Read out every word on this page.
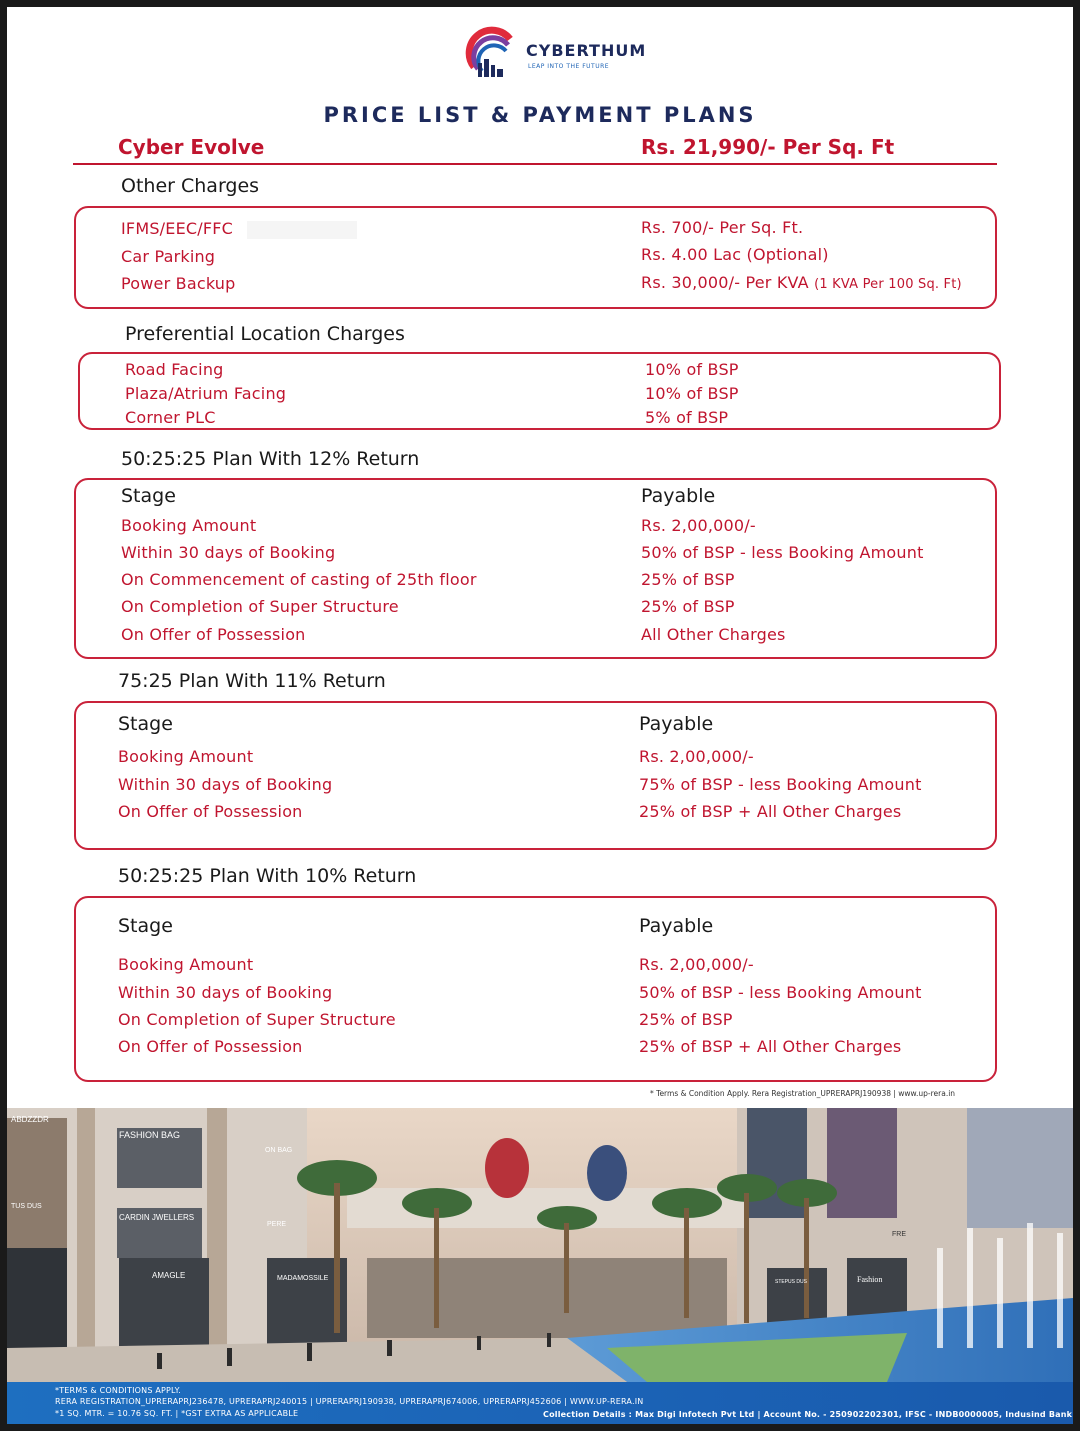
CYBERTHUM
LEAP INTO THE FUTURE
PRICE LIST & PAYMENT PLANS
Cyber Evolve	Rs. 21,990/- Per Sq. Ft
Other Charges
IFMS/EEC/FFC	Rs. 700/- Per Sq. Ft.
Car Parking	Rs. 4.00 Lac (Optional)
Power Backup	Rs. 30,000/- Per KVA (1 KVA Per 100 Sq. Ft)
Preferential Location Charges
Road Facing	10% of BSP
Plaza/Atrium Facing	10% of BSP
Corner PLC	5% of BSP
50:25:25 Plan With 12% Return
Stage	Payable
Booking Amount	Rs. 2,00,000/-
Within 30 days of Booking	50% of BSP - less Booking Amount
On Commencement of casting of 25th floor	25% of BSP
On Completion of Super Structure	25% of BSP
On Offer of Possession	All Other Charges
75:25 Plan With 11% Return
Stage	Payable
Booking Amount	Rs. 2,00,000/-
Within 30 days of Booking	75% of BSP - less Booking Amount
On Offer of Possession	25% of BSP + All Other Charges
50:25:25 Plan With 10% Return
Stage	Payable
Booking Amount	Rs. 2,00,000/-
Within 30 days of Booking	50% of BSP - less Booking Amount
On Completion of Super Structure	25% of BSP
On Offer of Possession	25% of BSP + All Other Charges
* Terms & Condition Apply. Rera Registration_UPRERAPRJ190938 | www.up-rera.in
ABDZZDR
FASHION BAG
ON BAG
TUS DUS
CARDIN JWELLERS
AMAGLE
PERE
MADAMOSSILE	Fashion
FRE
STEPUS DUS
*TERMS & CONDITIONS APPLY.
RERA REGISTRATION_UPRERAPRJ236478, UPRERAPRJ240015 | UPRERAPRJ190938, UPRERAPRJ674006, UPRERAPRJ452606 | WWW.UP-RERA.IN
*1 SQ. MTR. = 10.76 SQ. FT. | *GST EXTRA AS APPLICABLE	Collection Details : Max Digi Infotech Pvt Ltd | Account No. - 250902202301, IFSC - INDB0000005, Indusind Bank
